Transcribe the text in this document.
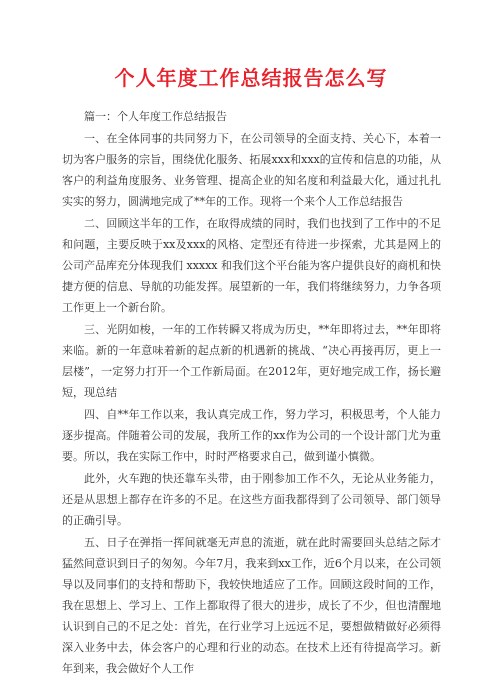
个人年度工作总结报告怎么写

篇一：个人年度工作总结报告

一、在全体同事的共同努力下，在公司领导的全面支持、关心下，本着一切为客户服务的宗旨，围绕优化服务、拓展xxx和xxx的宣传和信息的功能，从客户的利益角度服务、业务管理、提高企业的知名度和利益最大化，通过扎扎实实的努力，圆满地完成了**年的工作。现将一个来个人工作总结报告

二、回顾这半年的工作，在取得成绩的同时，我们也找到了工作中的不足和问题，主要反映于xx及xxx的风格、定型还有待进一步探索，尤其是网上的公司产品库充分体现我们 xxxxx 和我们这个平台能为客户提供良好的商机和快捷方便的信息、导航的功能发挥。展望新的一年，我们将继续努力，力争各项工作更上一个新台阶。

三、光阴如梭，一年的工作转瞬又将成为历史，**年即将过去，**年即将来临。新的一年意味着新的起点新的机遇新的挑战、“决心再接再厉，更上一层楼”，一定努力打开一个工作新局面。在2012年，更好地完成工作，扬长避短，现总结

四、自**年工作以来，我认真完成工作，努力学习，积极思考，个人能力逐步提高。伴随着公司的发展，我所工作的xx作为公司的一个设计部门尤为重要。所以，我在实际工作中，时时严格要求自己，做到谨小慎微。

此外，火车跑的快还靠车头带，由于刚参加工作不久，无论从业务能力，还是从思想上都存在许多的不足。在这些方面我都得到了公司领导、部门领导的正确引导。

五、日子在弹指一挥间就毫无声息的流逝，就在此时需要回头总结之际才猛然间意识到日子的匆匆。今年7月，我来到xx工作，近6个月以来，在公司领导以及同事们的支持和帮助下，我较快地适应了工作。回顾这段时间的工作，我在思想上、学习上、工作上都取得了很大的进步，成长了不少，但也清醒地认识到自己的不足之处：首先，在行业学习上远远不足，要想做精做好必须得深入业务中去，体会客户的心理和行业的动态。在技术上还有待提高学习。新年到来，我会做好个人工作
